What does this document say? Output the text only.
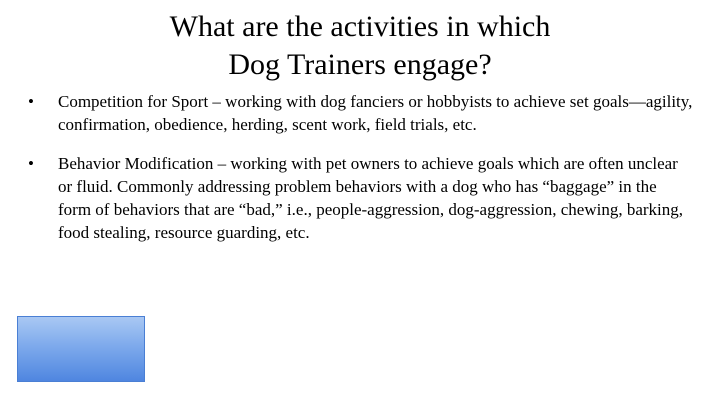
What are the activities in which
Dog Trainers engage?
•	Competition for Sport – working with dog fanciers or hobbyists to achieve set goals—agility, confirmation, obedience, herding, scent work, field trials, etc.
•	Behavior Modification – working with pet owners to achieve goals which are often unclear or fluid. Commonly addressing problem behaviors with a dog who has “baggage” in the form of behaviors that are “bad,” i.e., people-aggression, dog-aggression, chewing, barking, food stealing, resource guarding, etc.
